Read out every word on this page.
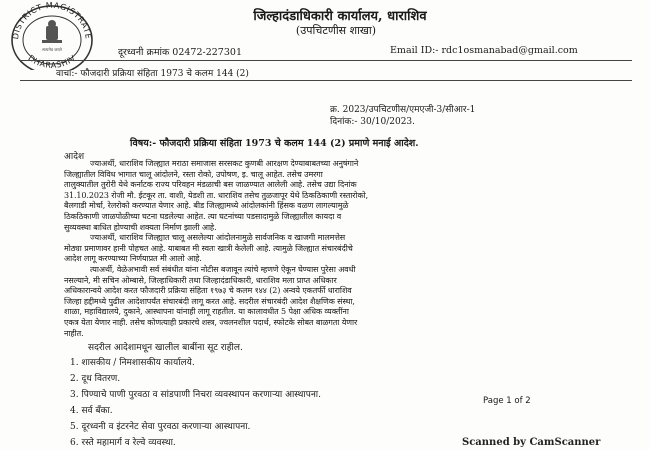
DISTRICT MAGISTRATE
DHARASHIV
सत्यमेव जयते
जिल्हादंडाधिकारी कार्यालय, धाराशिव
(उपचिटणीस शाखा)
दूरध्वनी क्रमांक 02472-227301	Email ID:- rdc1osmanabad@gmail.com
वाचा:- फौजदारी प्रक्रिया संहिता 1973 चे कलम 144 (2)
क्र. 2023/उपचिटणीस/एमएजी-3/सीआर-1
दिनांक:- 30/10/2023.
विषय:- फौजदारी प्रक्रिया संहिता 1973 चे कलम 144 (2) प्रमाणे मनाई आदेश.
आदेश
ज्याअर्थी, धाराशिव जिल्ह्यात मराठा समाजास सरसकट कुणबी आरक्षण देण्याबाबतच्या अनुषंगाने
जिल्ह्यातील विविध भागात चालू आंदोलने, रस्ता रोको, उपोषण, इ. चालू आहेत. तसेच उमरगा
तालुक्यातील तुरोरी येथे कर्नाटक राज्य परिवहन मंडळाची बस जाळण्यात आलेली आहे. तसेच उद्या दिनांक
31.10.2023 रोजी मौ. ईटकूर ता. वाशी, येडशी ता. धाराशिव तसेच तुळजापूर येथे ठिकठिकाणी रस्तारोको,
बैलगाडी मोर्चा, रेलरोको करण्यात येणार आहे. बीड जिल्ह्यामध्ये आंदोलकांनी हिंसक वळण लागल्यामुळे
ठिकठिकाणी जाळपोळीच्या घटना घडलेल्या आहेत. त्या घटनांच्या पडसादामुळे जिल्ह्यातील कायदा व
सुव्यवस्था बाधित होण्याची शक्यता निर्माण झाली आहे.
ज्याअर्थी, धाराशिव जिल्ह्यात चालू असलेल्या आंदोलनामुळे सार्वजनिक व खाजगी मालमत्तेस
मोठ्या प्रमाणावर हानी पोहचत आहे. याबाबत मी स्वतः खात्री केलेली आहे. त्यामुळे जिल्ह्यात संचारबंदीचे
आदेश लागू करण्याच्या निर्णयाप्रत मी आलो आहे.
त्याअर्थी, वेळेअभावी सर्व संबंधीत यांना नोटीस बजावून त्यांचे म्हणणे ऐकून घेण्यास पुरेसा अवधी
नसल्याने, मी सचिन ओम्बासे, जिल्हाधिकारी तथा जिल्हादंडाधिकारी, धाराशिव मला प्राप्त अधिकार
अधिकारान्वये आदेश करत फौजदारी प्रक्रिया संहिता १९७३ चे कलम १४४ (2) अन्वये एकतर्फी धाराशिव
जिल्हा हद्दीमध्ये पुढील आदेशापर्यंत संचारबंदी लागू करत आहे. सदरील संचारबंदी आदेश शैक्षणिक संस्था,
शाळा, महाविद्यालये, दुकाने, आस्थापना यांनाही लागू राहतील. या कालावधीत 5 पेक्षा अधिक व्यक्तींना
एकत्र येता येणार नाही. तसेच कोणत्याही प्रकारचे शस्त्र, ज्वलनशील पदार्थ, स्फोटके सोबत बाळगता येणार
नाहीत.
सदरील आदेशामधून खालील बाबींना सूट राहील.
1. शासकीय / निमशासकीय कार्यालये.
2. दूध वितरण.
3. पिण्याचे पाणी पुरवठा व सांडपाणी निचरा व्यवस्थापन करणाऱ्या आस्थापना.
4. सर्व बँका.
5. दूरध्वनी व इंटरनेट सेवा पुरवठा करणाऱ्या आस्थापना.
6. रस्ते महामार्ग व रेल्वे व्यवस्था.
Page 1 of 2
Scanned by CamScanner
